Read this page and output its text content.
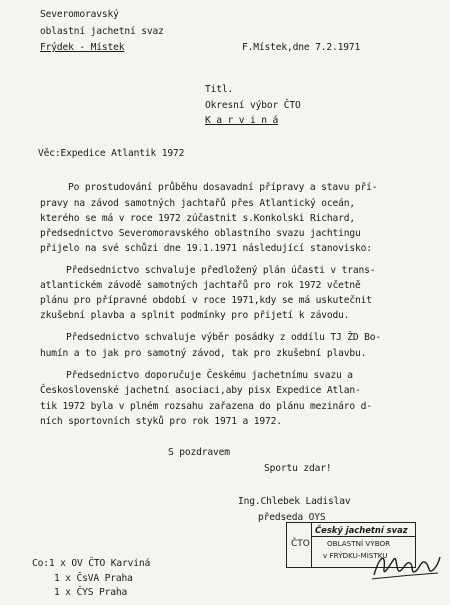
Severomoravský
oblastní jachetní svaz
Frýdek - Místek	F.Místek,dne 7.2.1971
Titl.
Okresní výbor ČTO
K a r v i n á
Věc:Expedice Atlantik 1972
Po prostudování průběhu dosavadní přípravy a stavu pří-
pravy na závod samotných jachtařů přes Atlantický oceán,
kterého se má v roce 1972 zúčastnit s.Konkolski Richard,
předsednictvo Severomoravského oblastního svazu jachtingu
přijelo na své schůzi dne 19.1.1971 následující stanovisko:
Předsednictvo schvaluje předložený plán účasti v trans-
atlantickém závodě samotných jachtařů pro rok 1972 včetně
plánu pro přípravné období v roce 1971,kdy se má uskutečnit
zkušební plavba a splnit podmínky pro přijetí k závodu.
Předsednictvo schvaluje výběr posádky z oddílu TJ ŽD Bo-
humín a to jak pro samotný závod, tak pro zkušební plavbu.
Předsednictvo doporučuje Českému jachetnímu svazu a
Československé jachetní asociaci,aby pisx Expedice Atlan-
tik 1972 byla v plném rozsahu zařazena do plánu mezináro d-
ních sportovních styků pro rok 1971 a 1972.
S pozdravem
Sportu zdar!
Ing.Chlebek Ladislav
předseda OYS
Český jachetní svaz
ČTO OBLASTNÍ VÝBOR
v FRÝDKU-MÍSTKU
Co:1 x OV ČTO Karviná
1 x ČsVA Praha
1 x ČYS Praha
